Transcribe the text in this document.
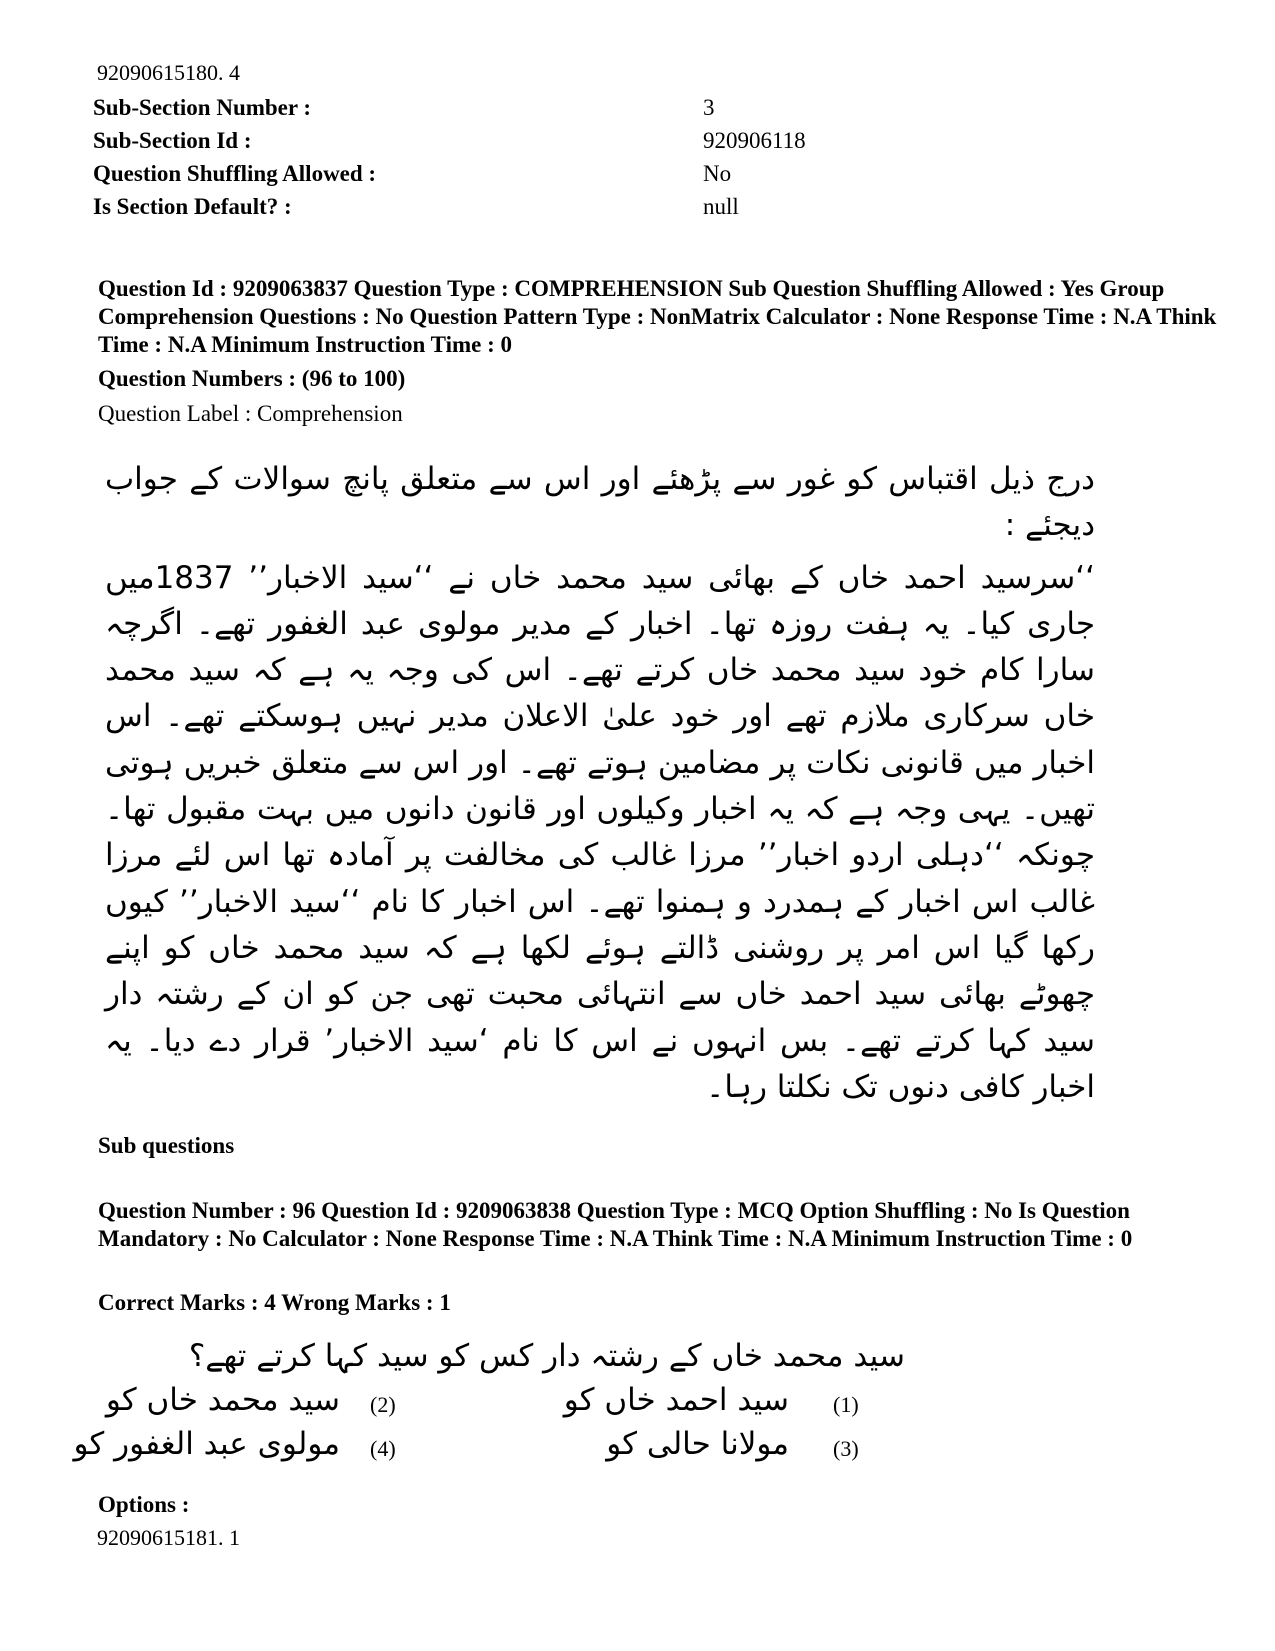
92090615180. 4
Sub-Section Number :	3
Sub-Section Id :	920906118
Question Shuffling Allowed :	No
Is Section Default? :	null
Question Id : 9209063837 Question Type : COMPREHENSION Sub Question Shuffling Allowed : Yes Group Comprehension Questions : No Question Pattern Type : NonMatrix Calculator : None Response Time : N.A Think Time : N.A Minimum Instruction Time : 0
Question Numbers : (96 to 100)
Question Label : Comprehension
درج ذیل اقتباس کو غور سے پڑھئے اور اس سے متعلق پانچ سوالات کے جواب دیجئے :
‘‘سرسید احمد خاں کے بھائی سید محمد خاں نے ‘‘سید الاخبار’’ 1837میں جاری کیا۔ یہ ہفت روزہ تھا۔ اخبار کے مدیر مولوی عبد الغفور تھے۔ اگرچہ سارا کام خود سید محمد خاں کرتے تھے۔ اس کی وجہ یہ ہے کہ سید محمد خاں سرکاری ملازم تھے اور خود علیٰ الاعلان مدیر نہیں ہوسکتے تھے۔ اس اخبار میں قانونی نکات پر مضامین ہوتے تھے۔ اور اس سے متعلق خبریں ہوتی تھیں۔ یہی وجہ ہے کہ یہ اخبار وکیلوں اور قانون دانوں میں بہت مقبول تھا۔ چونکہ ‘‘دہلی اردو اخبار’’ مرزا غالب کی مخالفت پر آمادہ تھا اس لئے مرزا غالب اس اخبار کے ہمدرد و ہمنوا تھے۔ اس اخبار کا نام ‘‘سید الاخبار’’ کیوں رکھا گیا اس امر پر روشنی ڈالتے ہوئے لکھا ہے کہ سید محمد خاں کو اپنے چھوٹے بھائی سید احمد خاں سے انتہائی محبت تھی جن کو ان کے رشتہ دار سید کہا کرتے تھے۔ بس انہوں نے اس کا نام ‘سید الاخبار’ قرار دے دیا۔ یہ اخبار کافی دنوں تک نکلتا رہا۔
Sub questions
Question Number : 96 Question Id : 9209063838 Question Type : MCQ Option Shuffling : No Is Question Mandatory : No Calculator : None Response Time : N.A Think Time : N.A Minimum Instruction Time : 0
Correct Marks : 4 Wrong Marks : 1
سید محمد خاں کے رشتہ دار کس کو سید کہا کرتے تھے؟
(1)
سید احمد خاں کو
(2)
سید محمد خاں کو
(3)
مولانا حالی کو
(4)
مولوی عبد الغفور کو
Options :
92090615181. 1
